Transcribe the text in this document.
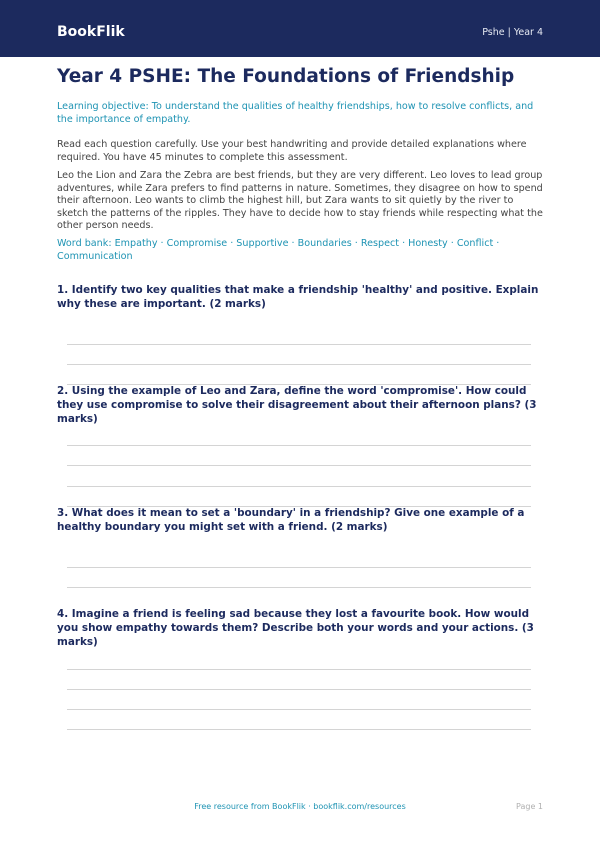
BookFlik	Pshe | Year 4
Year 4 PSHE: The Foundations of Friendship

Learning objective: To understand the qualities of healthy friendships, how to resolve conflicts, and the importance of empathy.

Read each question carefully. Use your best handwriting and provide detailed explanations where required. You have 45 minutes to complete this assessment.

Leo the Lion and Zara the Zebra are best friends, but they are very different. Leo loves to lead group adventures, while Zara prefers to find patterns in nature. Sometimes, they disagree on how to spend their afternoon. Leo wants to climb the highest hill, but Zara wants to sit quietly by the river to sketch the patterns of the ripples. They have to decide how to stay friends while respecting what the other person needs.

Word bank: Empathy · Compromise · Supportive · Boundaries · Respect · Honesty · Conflict · Communication

1. Identify two key qualities that make a friendship 'healthy' and positive. Explain why these are important. (2 marks)

2. Using the example of Leo and Zara, define the word 'compromise'. How could they use compromise to solve their disagreement about their afternoon plans? (3 marks)

3. What does it mean to set a 'boundary' in a friendship? Give one example of a healthy boundary you might set with a friend. (2 marks)

4. Imagine a friend is feeling sad because they lost a favourite book. How would you show empathy towards them? Describe both your words and your actions. (3 marks)

Free resource from BookFlik · bookflik.com/resources	Page 1
